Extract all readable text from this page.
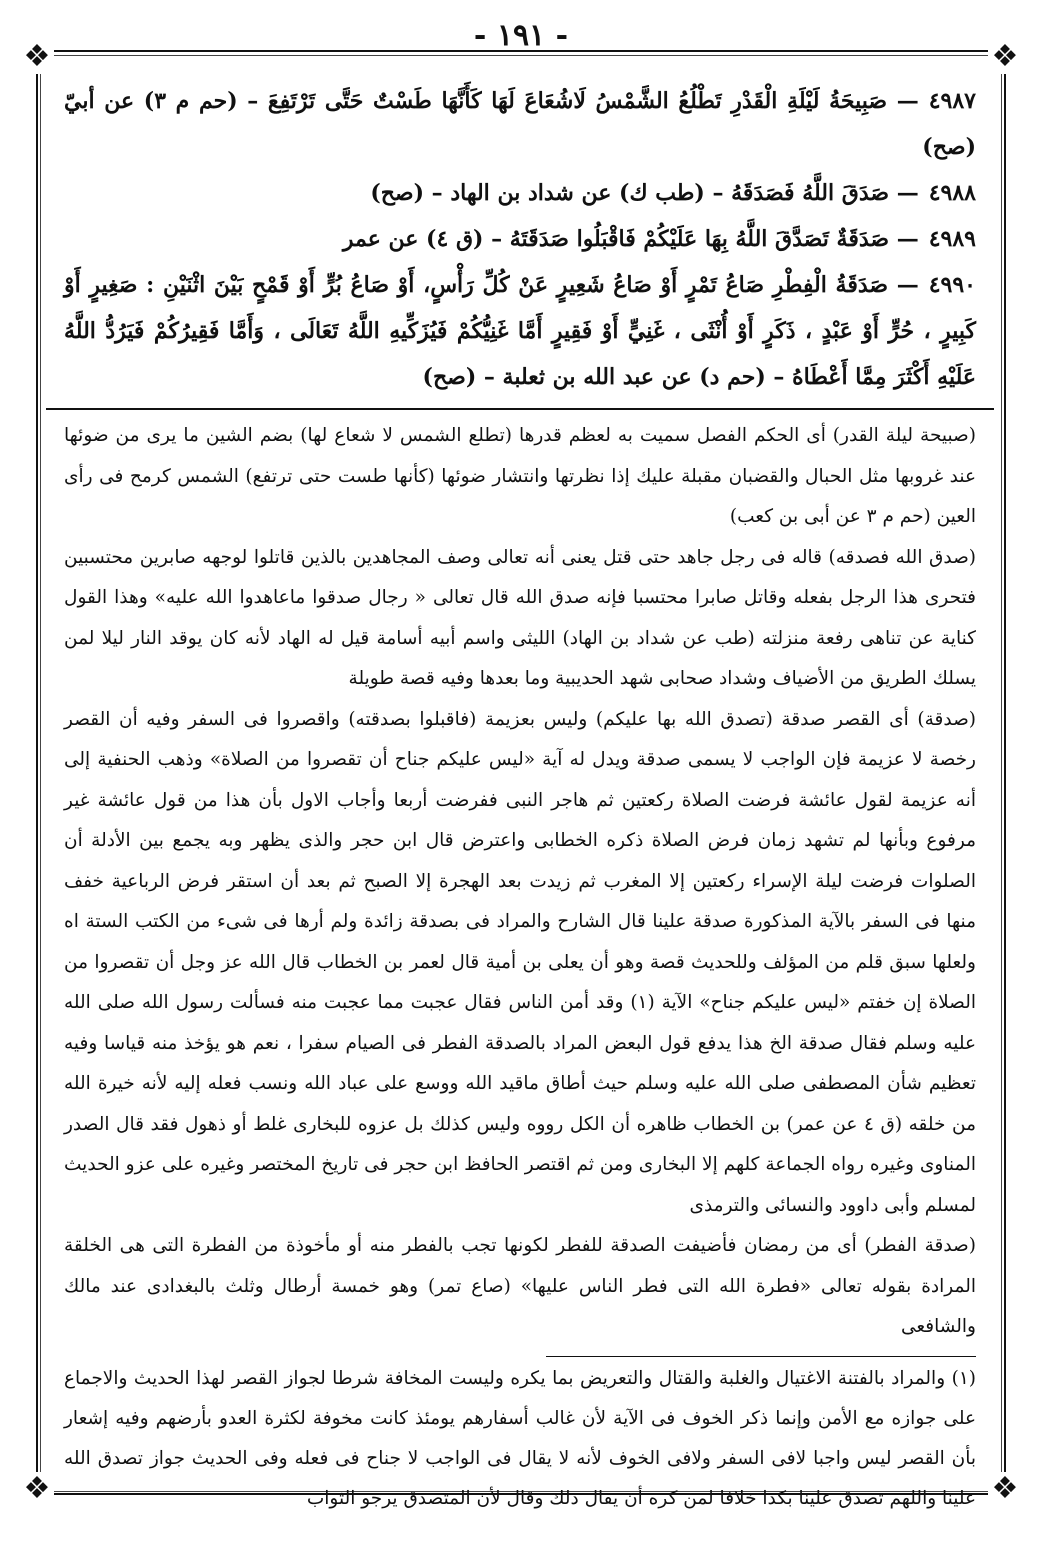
- ١٩١ -
❖	❖
❖	❖

٤٩٨٧— صَبِيحَةُ لَيْلَةِ الْقَدْرِ تَطْلُعُ الشَّمْسُ لَاشُعَاعَ لَهَا كَأَنَّهَا طَسْتٌ حَتَّى تَرْتَفِعَ – (حم م ٣) عن أبيّ (صح)

٤٩٨٨— صَدَقَ اللَّهُ فَصَدَقَهُ – (طب ك) عن شداد بن الهاد – (صح)

٤٩٨٩— صَدَقَةٌ تَصَدَّقَ اللَّهُ بِهَا عَلَيْكُمْ فَاقْبَلُوا صَدَقَتَهُ – (ق ٤) عن عمر

٤٩٩٠— صَدَقَةُ الْفِطْرِ صَاعُ تَمْرٍ أَوْ صَاعُ شَعِيرٍ عَنْ كُلِّ رَأْسٍ، أَوْ صَاعُ بُرٍّ أَوْ قَمْحٍ بَيْنَ اثْنَيْنِ : صَغِيرٍ أَوْ كَبِيرٍ ، حُرٍّ أَوْ عَبْدٍ ، ذَكَرٍ أَوْ أُنْثَى ، غَنِيٍّ أَوْ فَقِيرٍ أَمَّا غَنِيُّكُمْ فَيُزَكِّيهِ اللَّهُ تَعَالَى ، وَأَمَّا فَقِيرُكُمْ فَيَرُدُّ اللَّهُ عَلَيْهِ أَكْثَرَ مِمَّا أَعْطَاهُ – (حم د) عن عبد الله بن ثعلبة – (صح)

(صبيحة ليلة القدر) أى الحكم الفصل سميت به لعظم قدرها (تطلع الشمس لا شعاع لها) بضم الشين ما يرى من ضوئها عند غروبها مثل الحبال والقضبان مقبلة عليك إذا نظرتها وانتشار ضوئها (كأنها طست حتى ترتفع) الشمس كرمح فى رأى العين (حم م ٣ عن أبى بن كعب)

(صدق الله فصدقه) قاله فى رجل جاهد حتى قتل يعنى أنه تعالى وصف المجاهدين بالذين قاتلوا لوجهه صابرين محتسبين فتحرى هذا الرجل بفعله وقاتل صابرا محتسبا فإنه صدق الله قال تعالى « رجال صدقوا ماعاهدوا الله عليه» وهذا القول كناية عن تناهى رفعة منزلته (طب عن شداد بن الهاد) الليثى واسم أبيه أسامة قيل له الهاد لأنه كان يوقد النار ليلا لمن يسلك الطريق من الأضياف وشداد صحابى شهد الحديبية وما بعدها وفيه قصة طويلة

(صدقة) أى القصر صدقة (تصدق الله بها عليكم) وليس بعزيمة (فاقبلوا بصدقته) واقصروا فى السفر وفيه أن القصر رخصة لا عزيمة فإن الواجب لا يسمى صدقة ويدل له آية «ليس عليكم جناح أن تقصروا من الصلاة» وذهب الحنفية إلى أنه عزيمة لقول عائشة فرضت الصلاة ركعتين ثم هاجر النبى ففرضت أربعا وأجاب الاول بأن هذا من قول عائشة غير مرفوع وبأنها لم تشهد زمان فرض الصلاة ذكره الخطابى واعترض قال ابن حجر والذى يظهر وبه يجمع بين الأدلة أن الصلوات فرضت ليلة الإسراء ركعتين إلا المغرب ثم زيدت بعد الهجرة إلا الصبح ثم بعد أن استقر فرض الرباعية خفف منها فى السفر بالآية المذكورة صدقة علينا قال الشارح والمراد فى بصدقة زائدة ولم أرها فى شىء من الكتب الستة اه ولعلها سبق قلم من المؤلف وللحديث قصة وهو أن يعلى بن أمية قال لعمر بن الخطاب قال الله عز وجل أن تقصروا من الصلاة إن خفتم «ليس عليكم جناح» الآية (١) وقد أمن الناس فقال عجبت مما عجبت منه فسألت رسول الله صلى الله عليه وسلم فقال صدقة الخ هذا يدفع قول البعض المراد بالصدقة الفطر فى الصيام سفرا ، نعم هو يؤخذ منه قياسا وفيه تعظيم شأن المصطفى صلى الله عليه وسلم حيث أطاق ماقيد الله ووسع على عباد الله ونسب فعله إليه لأنه خيرة الله من خلقه (ق ٤ عن عمر) بن الخطاب ظاهره أن الكل رووه وليس كذلك بل عزوه للبخارى غلط أو ذهول فقد قال الصدر المناوى وغيره رواه الجماعة كلهم إلا البخارى ومن ثم اقتصر الحافظ ابن حجر فى تاريخ المختصر وغيره على عزو الحديث لمسلم وأبى داوود والنسائى والترمذى

(صدقة الفطر) أى من رمضان فأضيفت الصدقة للفطر لكونها تجب بالفطر منه أو مأخوذة من الفطرة التى هى الخلقة المرادة بقوله تعالى «فطرة الله التى فطر الناس عليها» (صاع تمر) وهو خمسة أرطال وثلث بالبغدادى عند مالك والشافعى

(١) والمراد بالفتنة الاغتيال والغلبة والقتال والتعريض بما يكره وليست المخافة شرطا لجواز القصر لهذا الحديث والاجماع على جوازه مع الأمن وإنما ذكر الخوف فى الآية لأن غالب أسفارهم يومئذ كانت مخوفة لكثرة العدو بأرضهم وفيه إشعار بأن القصر ليس واجبا لافى السفر ولافى الخوف لأنه لا يقال فى الواجب لا جناح فى فعله وفى الحديث جواز تصدق الله علينا واللهم تصدق علينا بكذا خلافا لمن كره أن يقال ذلك وقال لأن المتصدق يرجو الثواب
